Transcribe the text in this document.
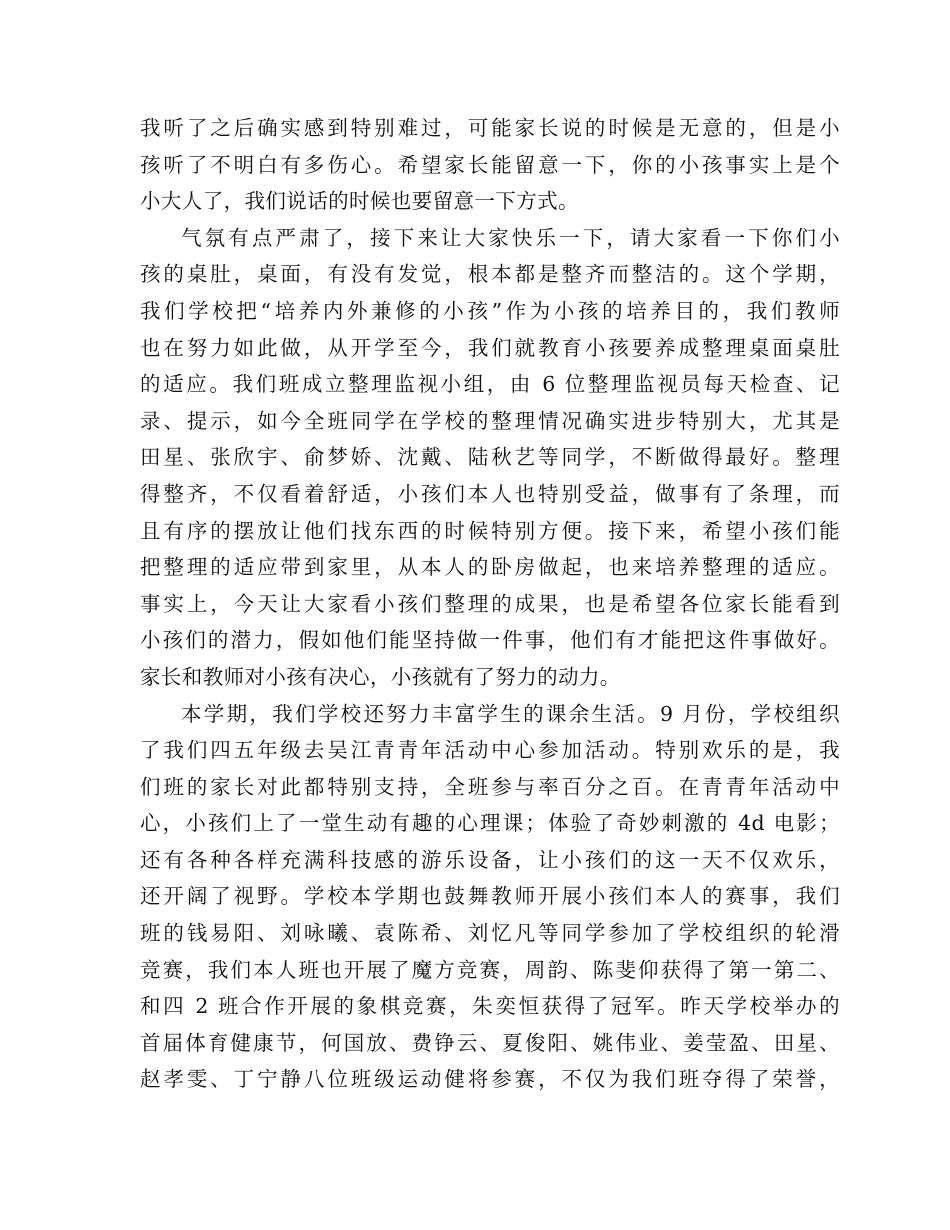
我听了之后确实感到特别难过，可能家长说的时候是无意的，但是小
孩听了不明白有多伤心。希望家长能留意一下，你的小孩事实上是个
小大人了，我们说话的时候也要留意一下方式。
气氛有点严肃了，接下来让大家快乐一下，请大家看一下你们小
孩的桌肚，桌面，有没有发觉，根本都是整齐而整洁的。这个学期，
我们学校把“培养内外兼修的小孩”作为小孩的培养目的，我们教师
也在努力如此做，从开学至今，我们就教育小孩要养成整理桌面桌肚
的适应。我们班成立整理监视小组，由 6 位整理监视员每天检查、记
录、提示，如今全班同学在学校的整理情况确实进步特别大，尤其是
田星、张欣宇、俞梦娇、沈戴、陆秋艺等同学，不断做得最好。整理
得整齐，不仅看着舒适，小孩们本人也特别受益，做事有了条理，而
且有序的摆放让他们找东西的时候特别方便。接下来，希望小孩们能
把整理的适应带到家里，从本人的卧房做起，也来培养整理的适应。
事实上，今天让大家看小孩们整理的成果，也是希望各位家长能看到
小孩们的潜力，假如他们能坚持做一件事，他们有才能把这件事做好。
家长和教师对小孩有决心，小孩就有了努力的动力。
本学期，我们学校还努力丰富学生的课余生活。9 月份，学校组织
了我们四五年级去吴江青青年活动中心参加活动。特别欢乐的是，我
们班的家长对此都特别支持，全班参与率百分之百。在青青年活动中
心，小孩们上了一堂生动有趣的心理课；体验了奇妙刺激的 4d 电影；
还有各种各样充满科技感的游乐设备，让小孩们的这一天不仅欢乐，
还开阔了视野。学校本学期也鼓舞教师开展小孩们本人的赛事，我们
班的钱易阳、刘咏曦、袁陈希、刘忆凡等同学参加了学校组织的轮滑
竞赛，我们本人班也开展了魔方竞赛，周韵、陈斐仰获得了第一第二、
和四 2 班合作开展的象棋竞赛，朱奕恒获得了冠军。昨天学校举办的
首届体育健康节，何国放、费铮云、夏俊阳、姚伟业、姜莹盈、田星、
赵孝雯、丁宁静八位班级运动健将参赛，不仅为我们班夺得了荣誉，
